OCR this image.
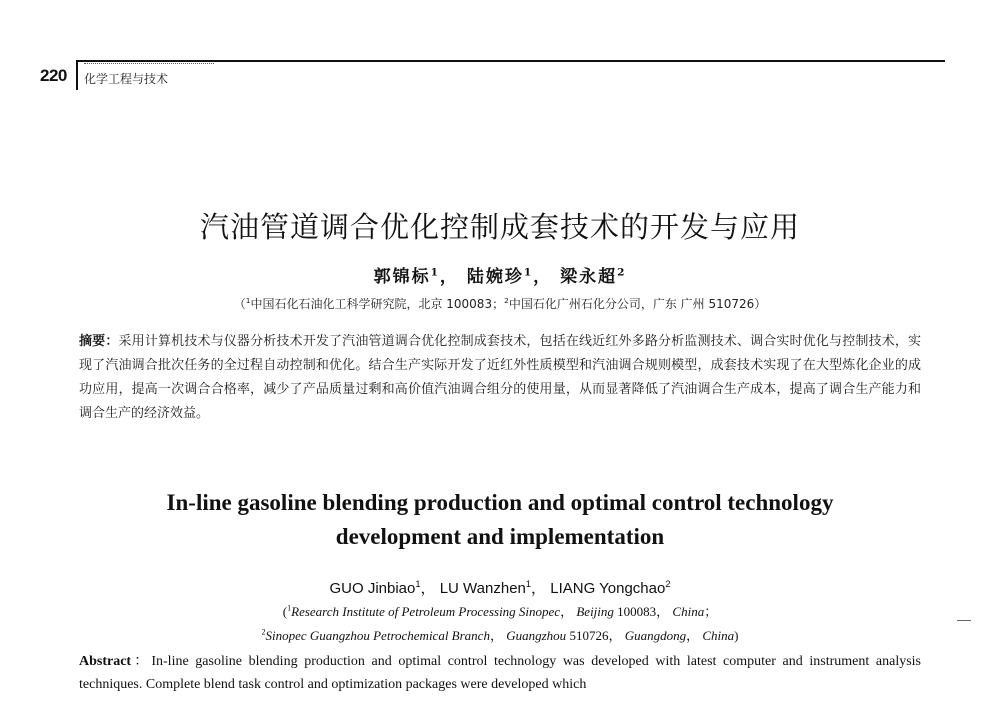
220 化学工程与技术
汽油管道调合优化控制成套技术的开发与应用
郭锦标$^1$， 陆婉珍$^1$， 梁永超$^2$
（$^1$中国石化石油化工科学研究院，北京 100083；$^2$中国石化广州石化分公司，广东 广州 510726）
摘要：采用计算机技术与仪器分析技术开发了汽油管道调合优化控制成套技术，包括在线近红外多路分析监测技术、调合实时优化与控制技术，实现了汽油调合批次任务的全过程自动控制和优化。结合生产实际开发了近红外性质模型和汽油调合规则模型，成套技术实现了在大型炼化企业的成功应用，提高一次调合合格率，减少了产品质量过剩和高价值汽油调合组分的使用量，从而显著降低了汽油调合生产成本，提高了调合生产能力和调合生产的经济效益。
In-line gasoline blending production and optimal control technology
development and implementation
GUO Jinbiao$^1$， LU Wanzhen$^1$， LIANG Yongchao$^2$
($^1$Research Institute of Petroleum Processing Sinopec， Beijing 100083， China；
$^2$Sinopec Guangzhou Petrochemical Branch， Guangzhou 510726， Guangdong， China)
Abstract：In-line gasoline blending production and optimal control technology was developed with latest computer and instrument analysis techniques. Complete blend task control and optimization packages were developed which
